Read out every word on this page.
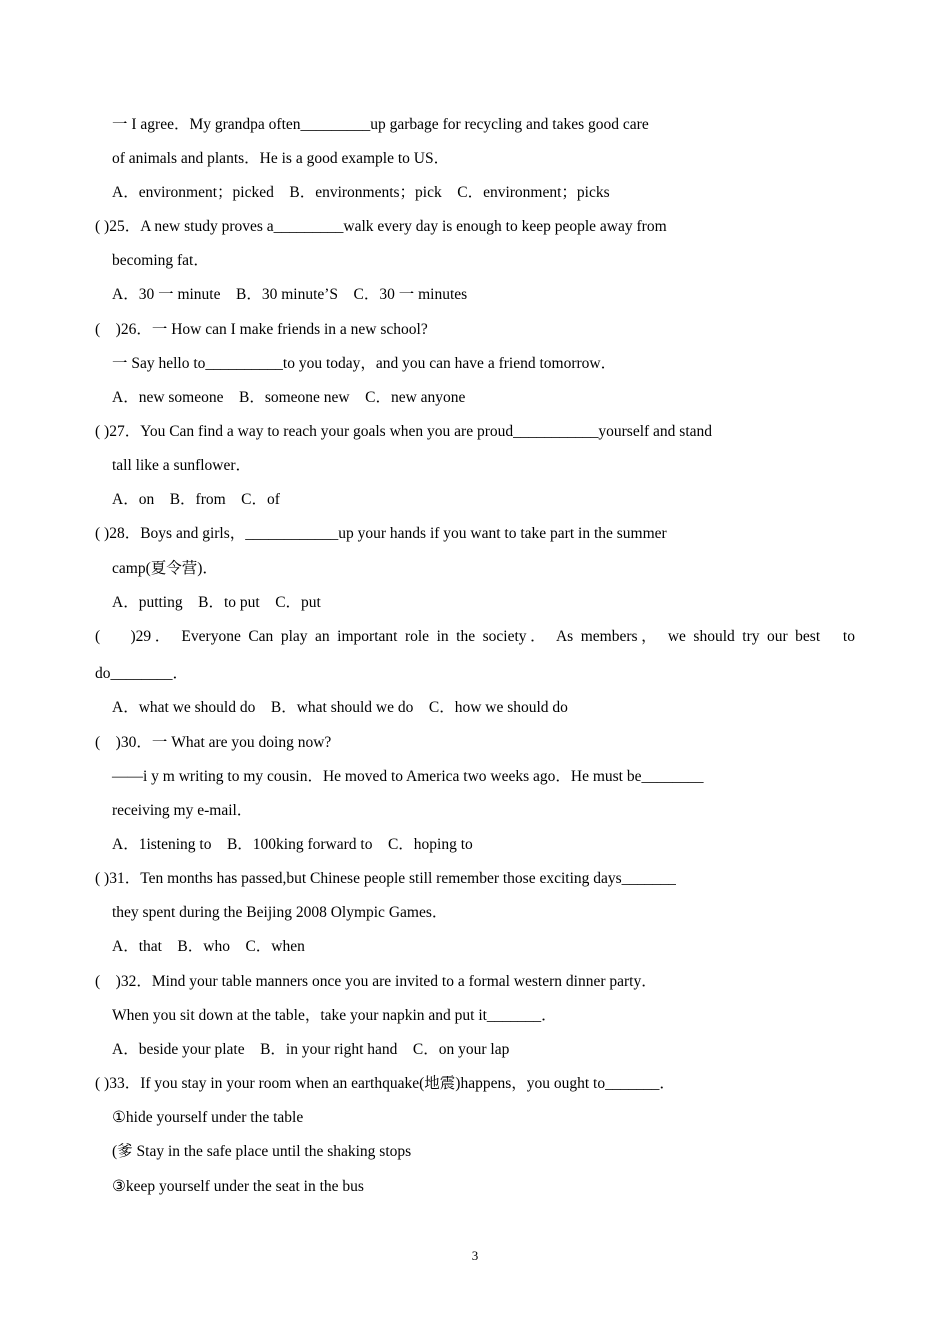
一 I agree．My grandpa often_________up garbage for recycling and takes good care
of animals and plants．He is a good example to US．
A．environment；picked　B．environments；pick　C．environment；picks
( )25．A new study proves a_________walk every day is enough to keep people away from
becoming fat．
A．30 一 minute　B．30 minute’S　C．30 一 minutes
(　)26．一 How can I make friends in a new school?
一 Say hello to__________to you today，and you can have a friend tomorrow．
A．new someone　B．someone new　C．new anyone
( )27．You Can find a way to reach your goals when you are proud___________yourself and stand
tall like a sunflower．
A．on　B．from　C．of
( )28．Boys and girls，____________up your hands if you want to take part in the summer
camp(夏令营)．
A．putting　B．to put　C．put
(　 )29． Everyone Can play an important role in the society． As members， we should try our best　to
do________．
A．what we should do　B．what should we do　C．how we should do
(　)30．一 What are you doing now?
——i y m writing to my cousin．He moved to America two weeks ago．He must be________
receiving my e-mail．
A．1istening to　B．100king forward to　C．hoping to
( )31．Ten months has passed,but Chinese people still remember those exciting days_______
they spent during the Beijing 2008 Olympic Games．
A．that　B．who　C．when
(　)32．Mind your table manners once you are invited to a formal western dinner party．
When you sit down at the table，take your napkin and put it_______．
A．beside your plate　B．in your right hand　C．on your lap
( )33．If you stay in your room when an earthquake(地震)happens，you ought to_______．
①hide yourself under the table
(爹 Stay in the safe place until the shaking stops
③keep yourself under the seat in the bus
3
